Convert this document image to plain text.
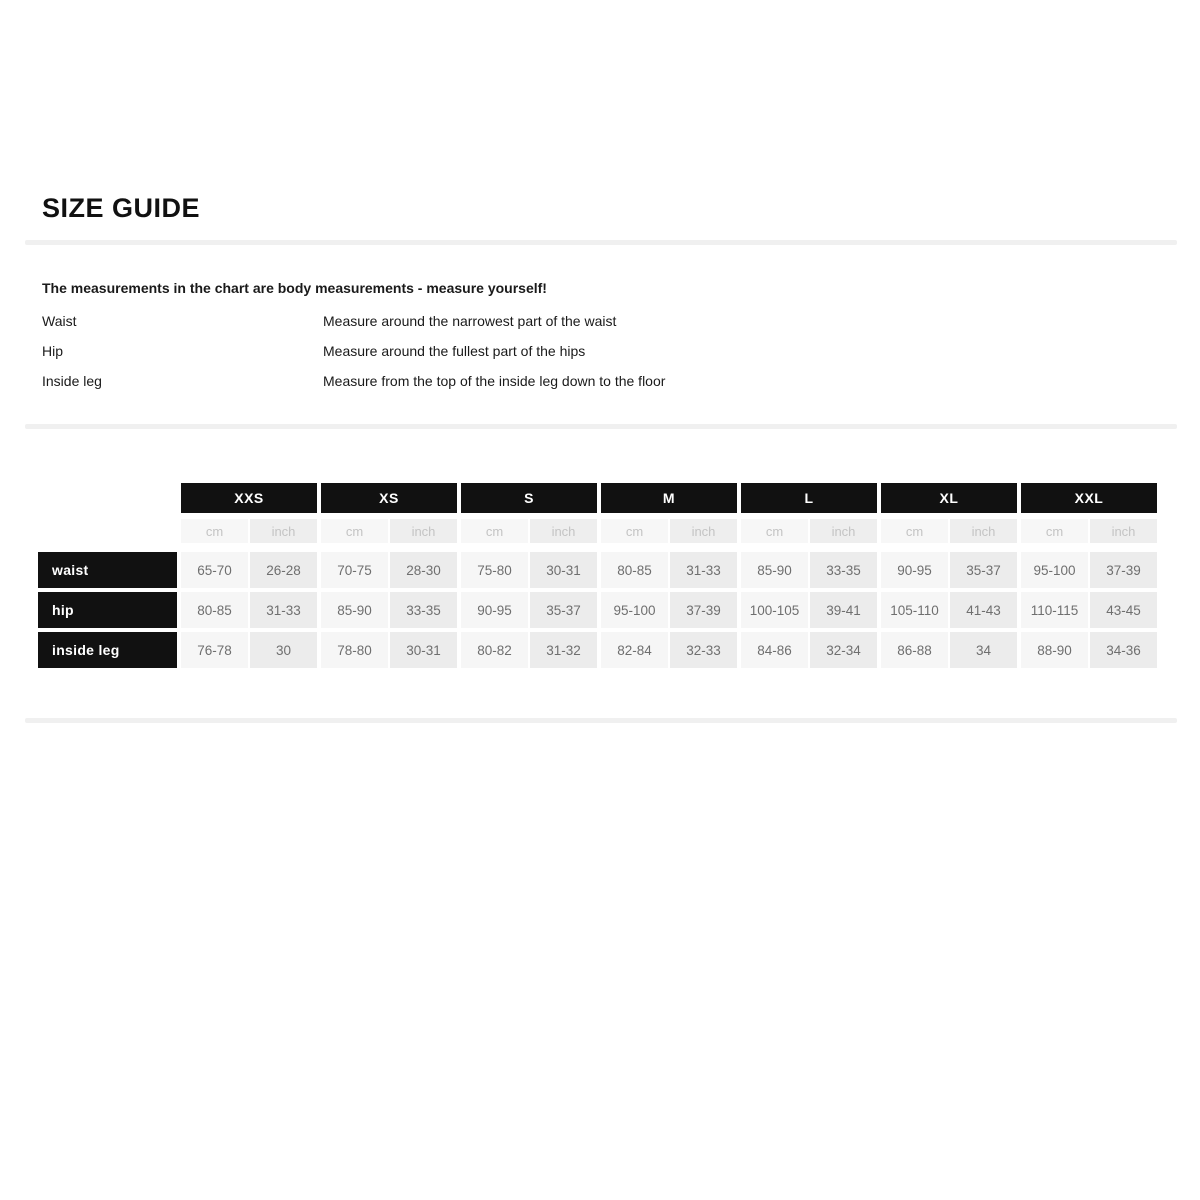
SIZE GUIDE
The measurements in the chart are body measurements - measure yourself!
Waist	Measure around the narrowest part of the waist
Hip	Measure around the fullest part of the hips
Inside leg	Measure from the top of the inside leg down to the floor
XXS	XS	S	M	L	XL	XXL
cm	inch	cm	inch	cm	inch	cm	inch	cm	inch	cm	inch	cm	inch
waist	65-70	26-28	70-75	28-30	75-80	30-31	80-85	31-33	85-90	33-35	90-95	35-37	95-100	37-39
hip	80-85	31-33	85-90	33-35	90-95	35-37	95-100	37-39	100-105	39-41	105-110	41-43	110-115	43-45
inside leg	76-78	30	78-80	30-31	80-82	31-32	82-84	32-33	84-86	32-34	86-88	34	88-90	34-36
